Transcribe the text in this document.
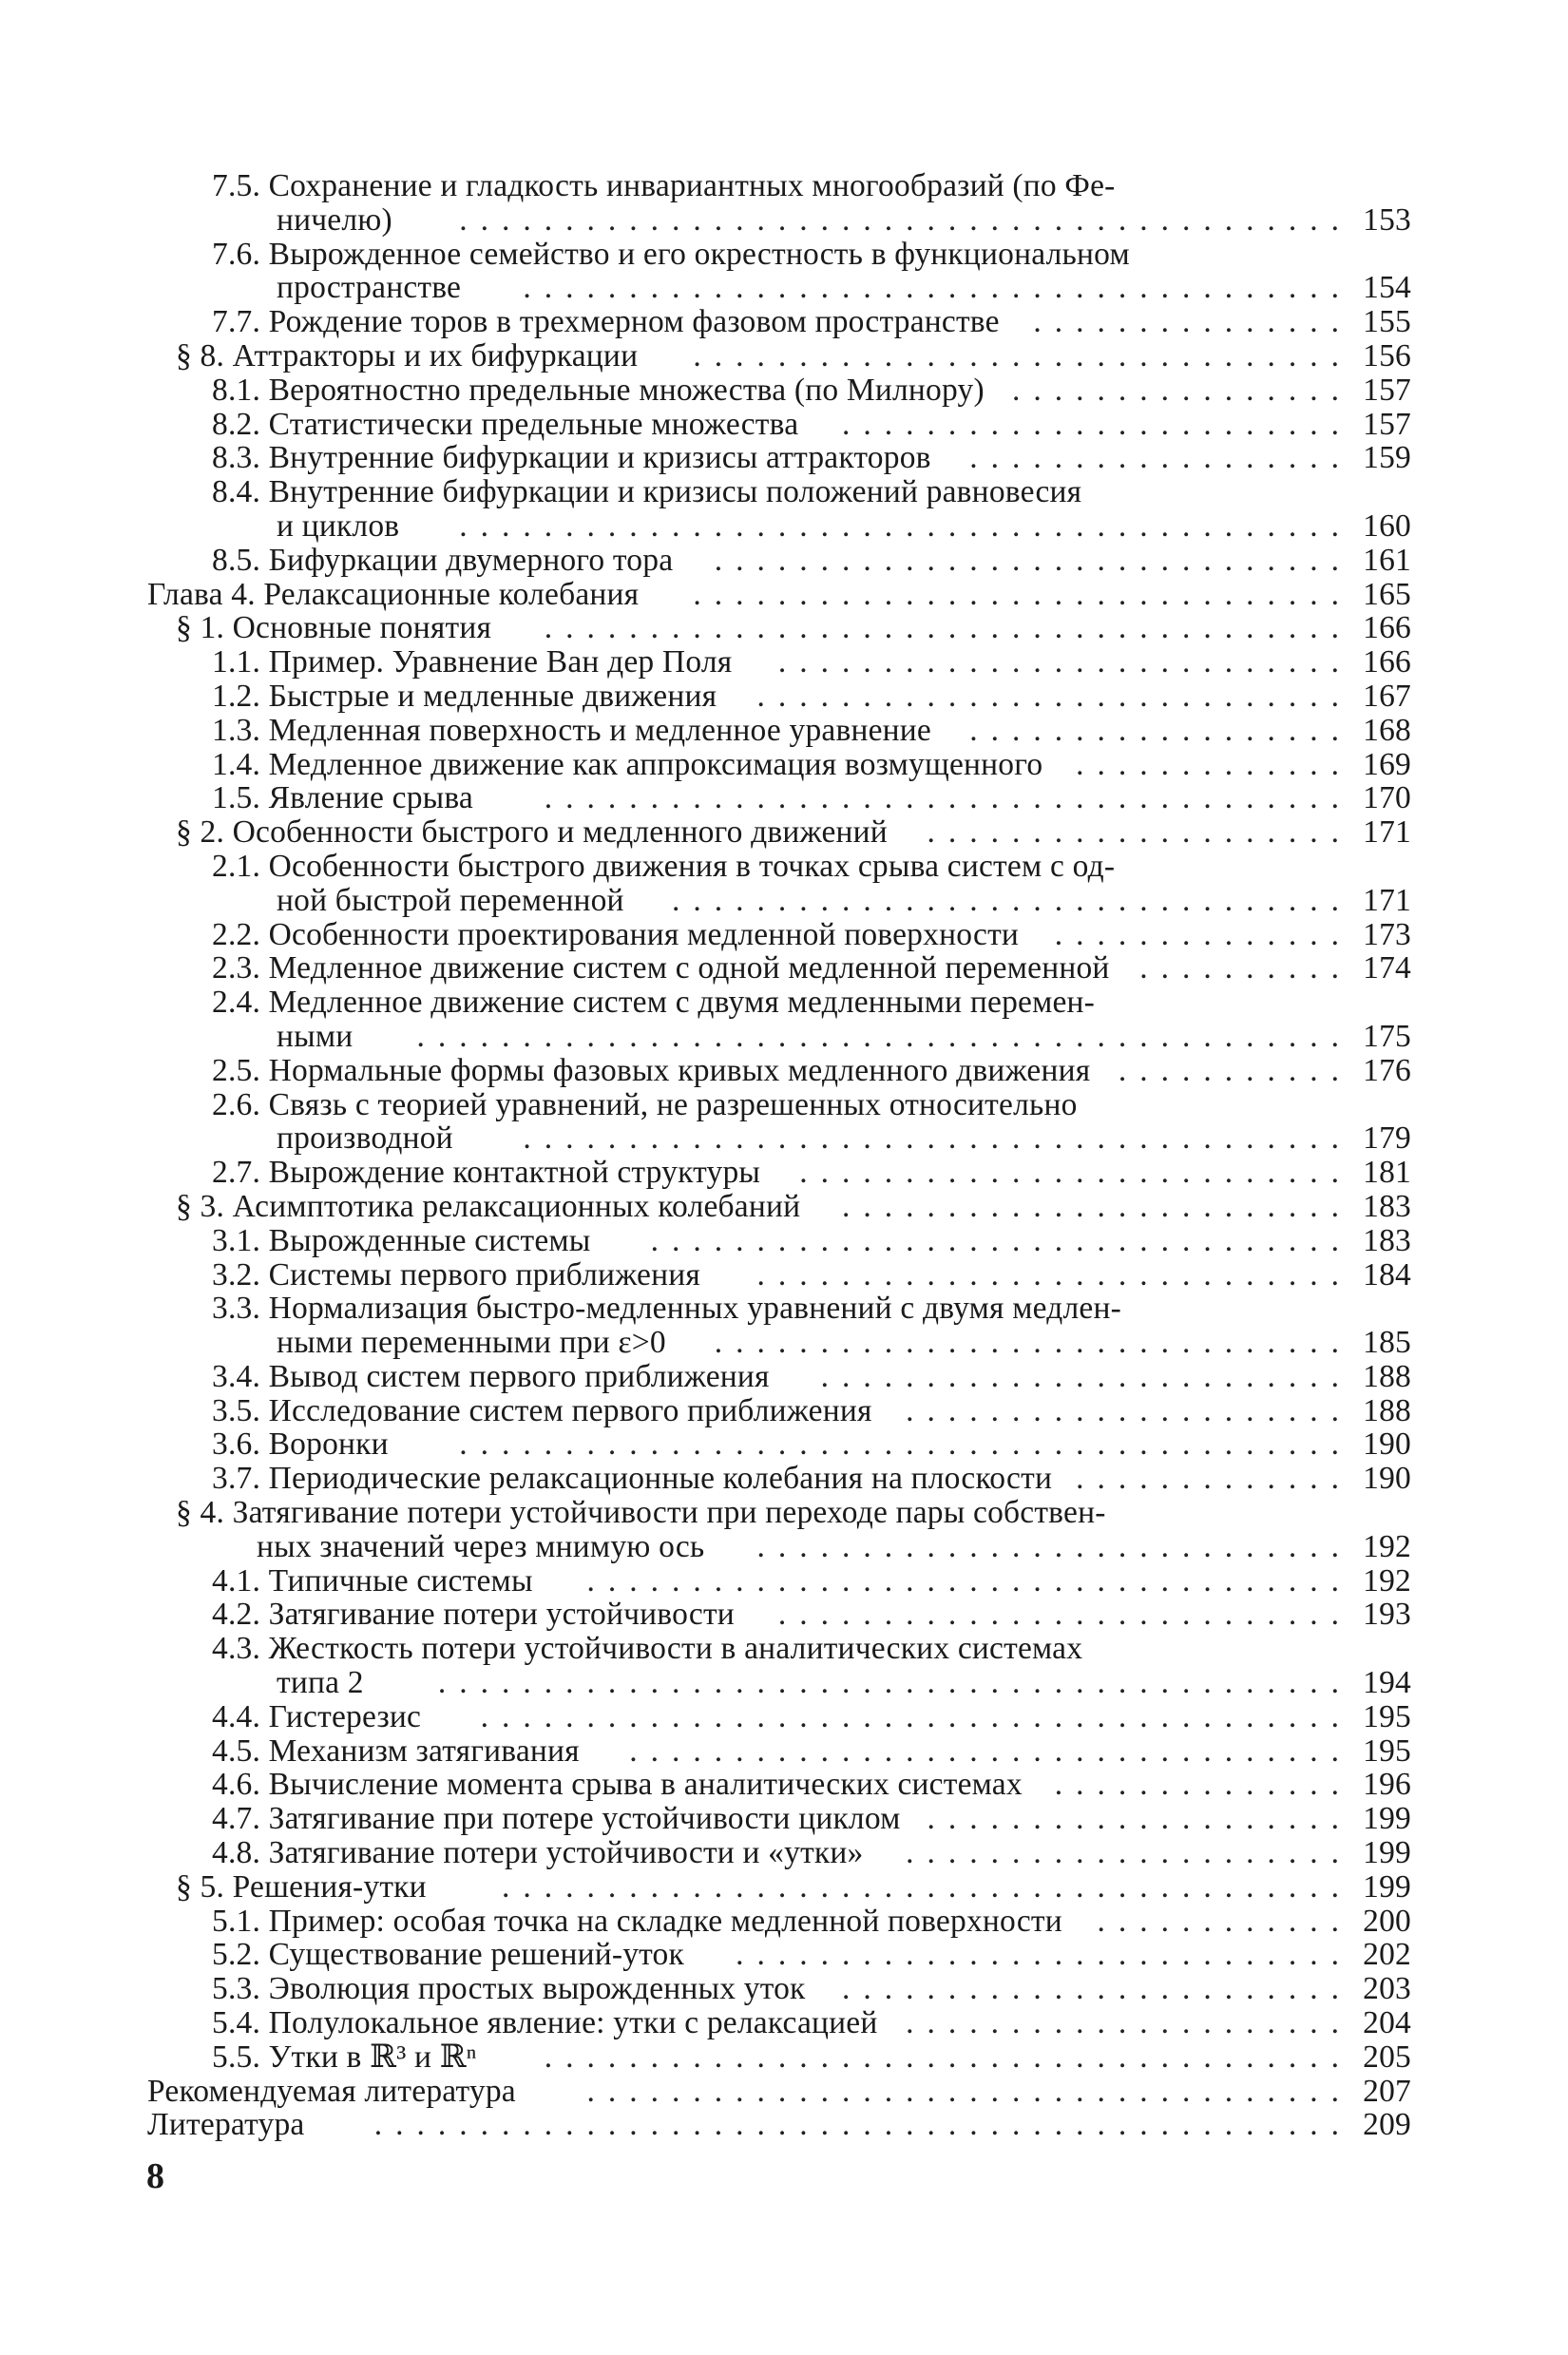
7.5. Сохранение и гладкость инвариантных многообразий (по Фе-
ничелю)	153
..........................................
7.6. Вырожденное семейство и его окрестность в функциональном
пространстве	154
.......................................
7.7. Рождение торов в трехмерном фазовом пространстве	155
...............
§ 8. Аттракторы и их бифуркации	156
...............................
8.1. Вероятностно предельные множества (по Милнору)	157
................
8.2. Статистически предельные множества	157
........................
8.3. Внутренние бифуркации и кризисы аттракторов	159
..................
8.4. Внутренние бифуркации и кризисы положений равновесия
и циклов	160
..........................................
8.5. Бифуркации двумерного тора	161
..............................
Глава 4. Релаксационные колебания	165
...............................
§ 1. Основные понятия	166
......................................
1.1. Пример. Уравнение Ван дер Поля	166
...........................
1.2. Быстрые и медленные движения	167
............................
1.3. Медленная поверхность и медленное уравнение	168
..................
1.4. Медленное движение как аппроксимация возмущенного	169
.............
1.5. Явление срыва	170
......................................
§ 2. Особенности быстрого и медленного движений	171
....................
2.1. Особенности быстрого движения в точках срыва систем с од-
ной быстрой переменной	171
................................
2.2. Особенности проектирования медленной поверхности	173
..............
2.3. Медленное движение систем с одной медленной переменной	174
..........
2.4. Медленное движение систем с двумя медленными перемен-
ными	175
............................................
2.5. Нормальные формы фазовых кривых медленного движения	176
...........
2.6. Связь с теорией уравнений, не разрешенных относительно
производной	179
.......................................
2.7. Вырождение контактной структуры	181
..........................
§ 3. Асимптотика релаксационных колебаний	183
........................
3.1. Вырожденные системы	183
.................................
3.2. Системы первого приближения	184
............................
3.3. Нормализация быстро-медленных уравнений с двумя медлен-
ными переменными при ε>0	185
..............................
3.4. Вывод систем первого приближения	188
.........................
3.5. Исследование систем первого приближения	188
.....................
3.6. Воронки	190
..........................................
3.7. Периодические релаксационные колебания на плоскости	190
.............
§ 4. Затягивание потери устойчивости при переходе пары собствен-
ных значений через мнимую ось	192
............................
4.1. Типичные системы	192
....................................
4.2. Затягивание потери устойчивости	193
...........................
4.3. Жесткость потери устойчивости в аналитических системах
типа 2	194
...........................................
4.4. Гистерезис	195
.........................................
4.5. Механизм затягивания	195
..................................
4.6. Вычисление момента срыва в аналитических системах	196
..............
4.7. Затягивание при потере устойчивости циклом	199
....................
4.8. Затягивание потери устойчивости и «утки»	199
.....................
§ 5. Решения-утки	199
........................................
5.1. Пример: особая точка на складке медленной поверхности	200
............
5.2. Существование решений-уток	202
.............................
5.3. Эволюция простых вырожденных уток	203
........................
5.4. Полулокальное явление: утки с релаксацией	204
.....................
5.5. Утки в ℝ³ и ℝⁿ	205
......................................
Рекомендуемая литература	207
....................................
Литература	209
..............................................
8
